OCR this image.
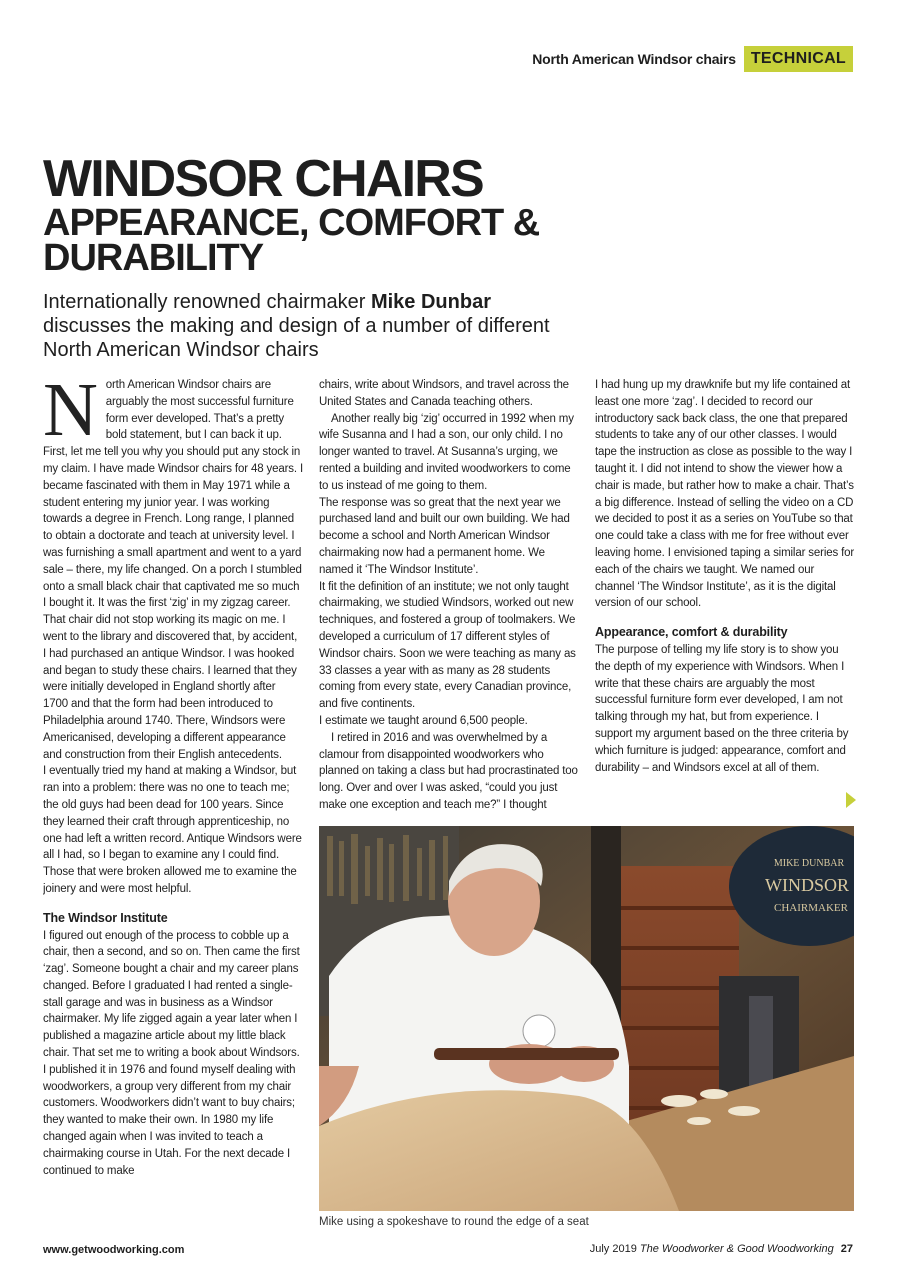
North American Windsor chairs TECHNICAL
WINDSOR CHAIRS
APPEARANCE, COMFORT & DURABILITY

Internationally renowned chairmaker Mike Dunbar discusses the making and design of a number of different North American Windsor chairs

North American Windsor chairs are arguably the most successful furniture form ever developed. That’s a pretty bold statement, but I can back it up. First, let me tell you why you should put any stock in my claim. I have made Windsor chairs for 48 years. I became fascinated with them in May 1971 while a student entering my junior year. I was working towards a degree in French. Long range, I planned to obtain a doctorate and teach at university level. I was furnishing a small apartment and went to a yard sale – there, my life changed. On a porch I stumbled onto a small black chair that captivated me so much I bought it. It was the first ‘zig’ in my zigzag career. That chair did not stop working its magic on me. I went to the library and discovered that, by accident, I had purchased an antique Windsor. I was hooked and began to study these chairs. I learned that they were initially developed in England shortly after 1700 and that the form had been introduced to Philadelphia around 1740. There, Windsors were Americanised, developing a different appearance and construction from their English antecedents.

I eventually tried my hand at making a Windsor, but ran into a problem: there was no one to teach me; the old guys had been dead for 100 years. Since they learned their craft through apprenticeship, no one had left a written record. Antique Windsors were all I had, so I began to examine any I could find. Those that were broken allowed me to examine the joinery and were most helpful.

The Windsor Institute

I figured out enough of the process to cobble up a chair, then a second, and so on. Then came the first ‘zag’. Someone bought a chair and my career plans changed. Before I graduated I had rented a single-stall garage and was in business as a Windsor chairmaker. My life zigged again a year later when I published a magazine article about my little black chair. That set me to writing a book about Windsors. I published it in 1976 and found myself dealing with woodworkers, a group very different from my chair customers. Woodworkers didn’t want to buy chairs; they wanted to make their own. In 1980 my life changed again when I was invited to teach a chairmaking course in Utah. For the next decade I continued to make

chairs, write about Windsors, and travel across the United States and Canada teaching others.

Another really big ‘zig’ occurred in 1992 when my wife Susanna and I had a son, our only child. I no longer wanted to travel. At Susanna’s urging, we rented a building and invited woodworkers to come to us instead of me going to them.

The response was so great that the next year we purchased land and built our own building. We had become a school and North American Windsor chairmaking now had a permanent home. We named it ‘The Windsor Institute’.

It fit the definition of an institute; we not only taught chairmaking, we studied Windsors, worked out new techniques, and fostered a group of toolmakers. We developed a curriculum of 17 different styles of Windsor chairs. Soon we were teaching as many as 33 classes a year with as many as 28 students coming from every state, every Canadian province, and five continents.

I estimate we taught around 6,500 people.

I retired in 2016 and was overwhelmed by a clamour from disappointed woodworkers who planned on taking a class but had procrastinated too long. Over and over I was asked, “could you just make one exception and teach me?” I thought

I had hung up my drawknife but my life contained at least one more ‘zag’. I decided to record our introductory sack back class, the one that prepared students to take any of our other classes. I would tape the instruction as close as possible to the way I taught it. I did not intend to show the viewer how a chair is made, but rather how to make a chair. That’s a big difference. Instead of selling the video on a CD we decided to post it as a series on YouTube so that one could take a class with me for free without ever leaving home. I envisioned taping a similar series for each of the chairs we taught. We named our channel ‘The Windsor Institute’, as it is the digital version of our school.

Appearance, comfort & durability

The purpose of telling my life story is to show you the depth of my experience with Windsors. When I write that these chairs are arguably the most successful furniture form ever developed, I am not talking through my hat, but from experience. I support my argument based on the three criteria by which furniture is judged: appearance, comfort and durability – and Windsors excel at all of them.

MIKE DUNBAR
WINDSOR
CHAIRMAKER
Mike using a spokeshave to round the edge of a seat
www.getwoodworking.com	July 2019 The Woodworker & Good Woodworking 27
